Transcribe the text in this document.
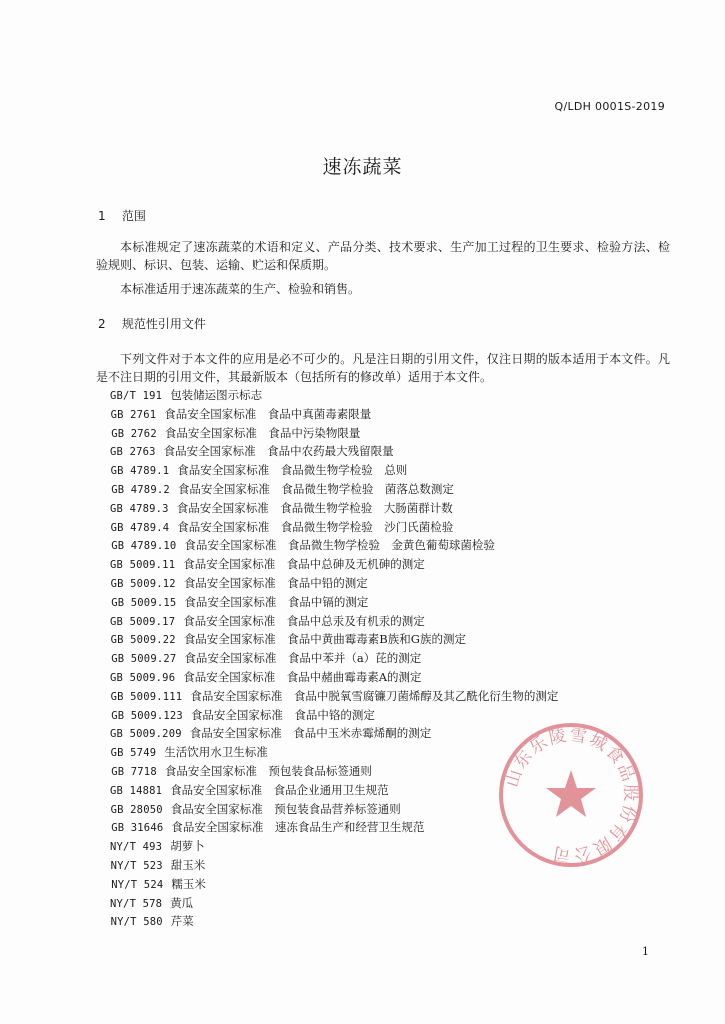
Q/LDH 0001S-2019
速冻蔬菜
1 范围
本标准规定了速冻蔬菜的术语和定义、产品分类、技术要求、生产加工过程的卫生要求、检验方法、检验规则、标识、包装、运输、贮运和保质期。
本标准适用于速冻蔬菜的生产、检验和销售。
2 规范性引用文件
下列文件对于本文件的应用是必不可少的。凡是注日期的引用文件，仅注日期的版本适用于本文件。凡是不注日期的引用文件，其最新版本（包括所有的修改单）适用于本文件。
GB/T 191 包装储运图示标志
GB 2761 食品安全国家标准　食品中真菌毒素限量
GB 2762 食品安全国家标准　食品中污染物限量
GB 2763 食品安全国家标准　食品中农药最大残留限量
GB 4789.1 食品安全国家标准　食品微生物学检验　总则
GB 4789.2 食品安全国家标准　食品微生物学检验　菌落总数测定
GB 4789.3 食品安全国家标准　食品微生物学检验　大肠菌群计数
GB 4789.4 食品安全国家标准　食品微生物学检验　沙门氏菌检验
GB 4789.10 食品安全国家标准　食品微生物学检验　金黄色葡萄球菌检验
GB 5009.11 食品安全国家标准　食品中总砷及无机砷的测定
GB 5009.12 食品安全国家标准　食品中铅的测定
GB 5009.15 食品安全国家标准　食品中镉的测定
GB 5009.17 食品安全国家标准　食品中总汞及有机汞的测定
GB 5009.22 食品安全国家标准　食品中黄曲霉毒素B族和G族的测定
GB 5009.27 食品安全国家标准　食品中苯并（a）芘的测定
GB 5009.96 食品安全国家标准　食品中赭曲霉毒素A的测定
GB 5009.111 食品安全国家标准　食品中脱氧雪腐镰刀菌烯醇及其乙酰化衍生物的测定
GB 5009.123 食品安全国家标准　食品中铬的测定
GB 5009.209 食品安全国家标准　食品中玉米赤霉烯酮的测定
GB 5749 生活饮用水卫生标准
GB 7718 食品安全国家标准　预包装食品标签通则
GB 14881 食品安全国家标准　食品企业通用卫生规范
GB 28050 食品安全国家标准　预包装食品营养标签通则
GB 31646 食品安全国家标准　速冻食品生产和经营卫生规范
NY/T 493 胡萝卜
NY/T 523 甜玉米
NY/T 524 糯玉米
NY/T 578 黄瓜
NY/T 580 芹菜
山东乐陵雪城食品股份有限公司
1
